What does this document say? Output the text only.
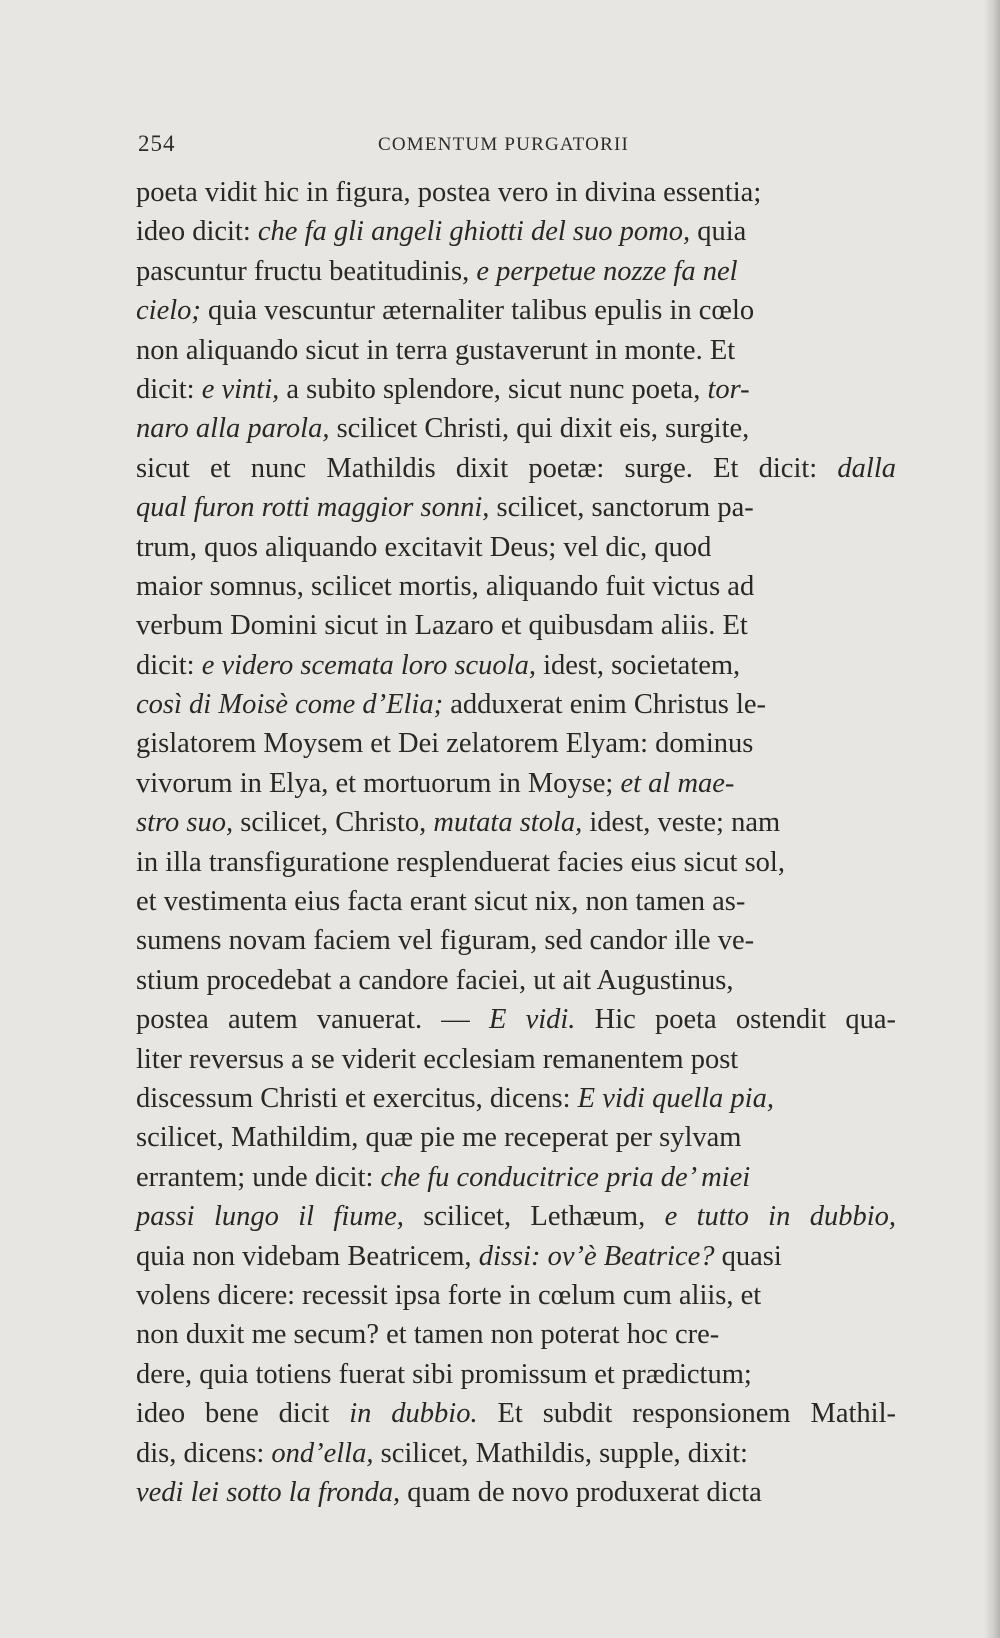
254	COMENTUM PURGATORII
poeta vidit hic in figura, postea vero in divina essentia;
ideo dicit: che fa gli angeli ghiotti del suo pomo, quia
pascuntur fructu beatitudinis, e perpetue nozze fa nel
cielo; quia vescuntur æternaliter talibus epulis in cœlo
non aliquando sicut in terra gustaverunt in monte. Et
dicit: e vinti, a subito splendore, sicut nunc poeta, tor-
naro alla parola, scilicet Christi, qui dixit eis, surgite,
sicut et nunc Mathildis dixit poetæ: surge. Et dicit: dalla
qual furon rotti maggior sonni, scilicet, sanctorum pa-
trum, quos aliquando excitavit Deus; vel dic, quod
maior somnus, scilicet mortis, aliquando fuit victus ad
verbum Domini sicut in Lazaro et quibusdam aliis. Et
dicit: e videro scemata loro scuola, idest, societatem,
così di Moisè come d’Elia; adduxerat enim Christus le-
gislatorem Moysem et Dei zelatorem Elyam: dominus
vivorum in Elya, et mortuorum in Moyse; et al mae-
stro suo, scilicet, Christo, mutata stola, idest, veste; nam
in illa transfiguratione resplenduerat facies eius sicut sol,
et vestimenta eius facta erant sicut nix, non tamen as-
sumens novam faciem vel figuram, sed candor ille ve-
stium procedebat a candore faciei, ut ait Augustinus,
postea autem vanuerat. — E vidi. Hic poeta ostendit qua-
liter reversus a se viderit ecclesiam remanentem post
discessum Christi et exercitus, dicens: E vidi quella pia,
scilicet, Mathildim, quæ pie me receperat per sylvam
errantem; unde dicit: che fu conducitrice pria de’ miei
passi lungo il fiume, scilicet, Lethæum, e tutto in dubbio,
quia non videbam Beatricem, dissi: ov’è Beatrice? quasi
volens dicere: recessit ipsa forte in cœlum cum aliis, et
non duxit me secum? et tamen non poterat hoc cre-
dere, quia totiens fuerat sibi promissum et prædictum;
ideo bene dicit in dubbio. Et subdit responsionem Mathil-
dis, dicens: ond’ella, scilicet, Mathildis, supple, dixit:
vedi lei sotto la fronda, quam de novo produxerat dicta
